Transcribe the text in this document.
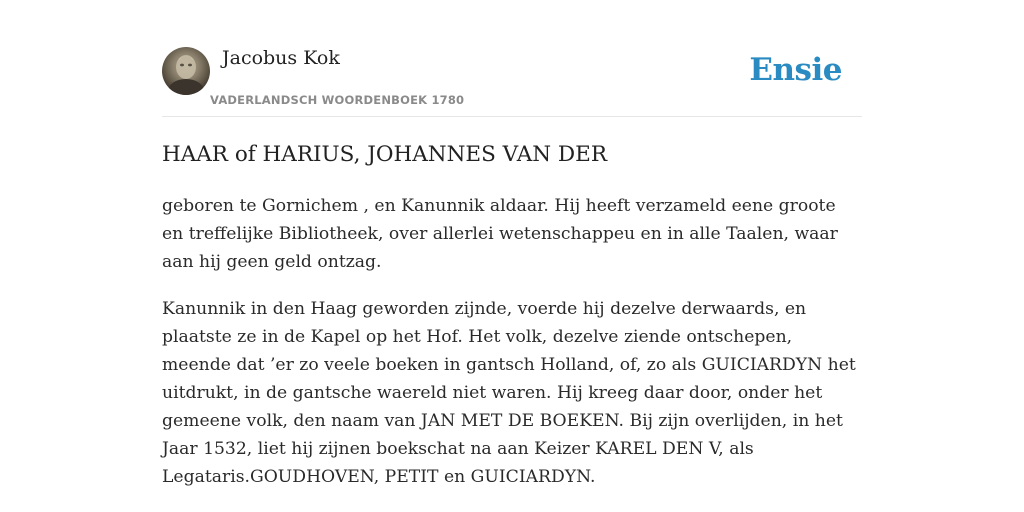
Jacobus Kok
VADERLANDSCH WOORDENBOEK 1780
Ensie
HAAR of HARIUS, JOHANNES VAN DER

geboren te Gornichem , en Kanunnik aldaar. Hij heeft verzameld eene groote en treffelijke Bibliotheek, over allerlei wetenschappeu en in alle Taalen, waar aan hij geen geld ontzag.

Kanunnik in den Haag geworden zijnde, voerde hij dezelve derwaards, en plaatste ze in de Kapel op het Hof. Het volk, dezelve ziende ontschepen, meende dat ’er zo veele boeken in gantsch Holland, of, zo als GUICIARDYN het uitdrukt, in de gantsche waereld niet waren. Hij kreeg daar door, onder het gemeene volk, den naam van JAN MET DE BOEKEN. Bij zijn overlijden, in het Jaar 1532, liet hij zijnen boekschat na aan Keizer KAREL DEN V, als Legataris.GOUDHOVEN, PETIT en GUICIARDYN.
